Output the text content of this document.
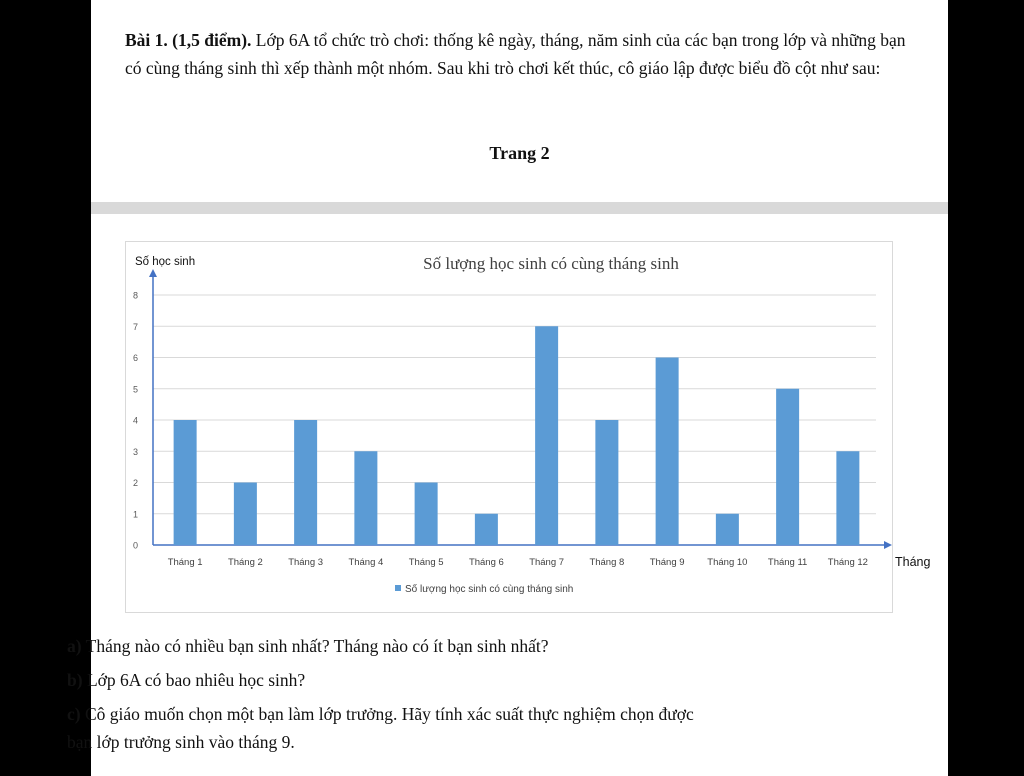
Bài 1. (1,5 điểm). Lớp 6A tổ chức trò chơi: thống kê ngày, tháng, năm sinh của các bạn trong lớp và những bạn có cùng tháng sinh thì xếp thành một nhóm. Sau khi trò chơi kết thúc, cô giáo lập được biểu đồ cột như sau:
Trang 2
0
1
2
3
4
5
6
7
8
Tháng 1	Tháng 2	Tháng 3	Tháng 4	Tháng 5	Tháng 6	Tháng 7	Tháng 8	Tháng 9 Tháng 10 Tháng 11 Tháng 12
Số lượng học sinh có cùng tháng sinh
Số học sinh
Tháng
Số lượng học sinh có cùng tháng sinh
a) Tháng nào có nhiều bạn sinh nhất? Tháng nào có ít bạn sinh nhất?
b) Lớp 6A có bao nhiêu học sinh?
c) Cô giáo muốn chọn một bạn làm lớp trưởng. Hãy tính xác suất thực nghiệm chọn được
bạn lớp trưởng sinh vào tháng 9.
